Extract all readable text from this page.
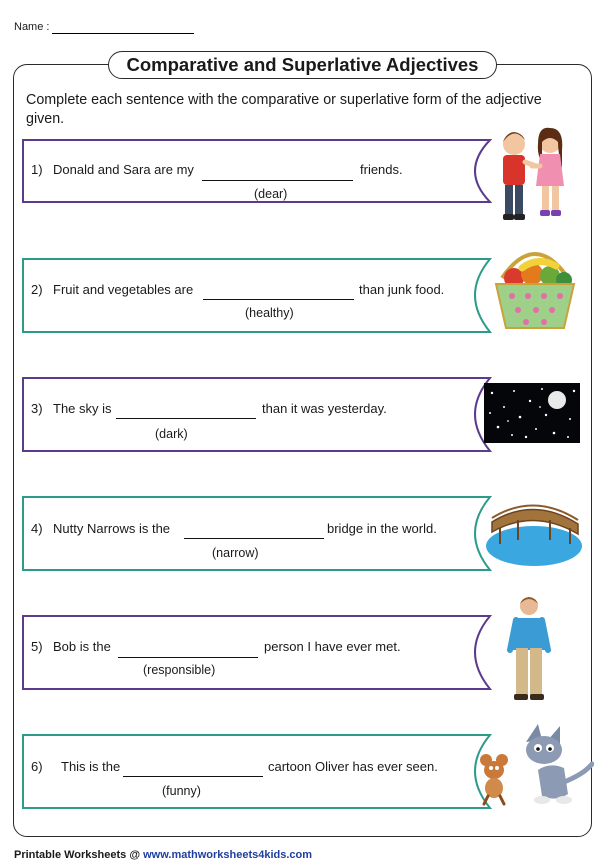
Name :
Comparative and Superlative Adjectives
Complete each sentence with the comparative or superlative form of the adjective given.
1) Donald and Sara are my	friends.
(dear)
2) Fruit and vegetables are	than junk food.
(healthy)
3) The sky is	than it was yesterday.
(dark)
4) Nutty Narrows is the	bridge in the world.
(narrow)
5) Bob is the	person I have ever met.
(responsible)
6) This is the	cartoon Oliver has ever seen.
(funny)
Printable Worksheets @ www.mathworksheets4kids.com
